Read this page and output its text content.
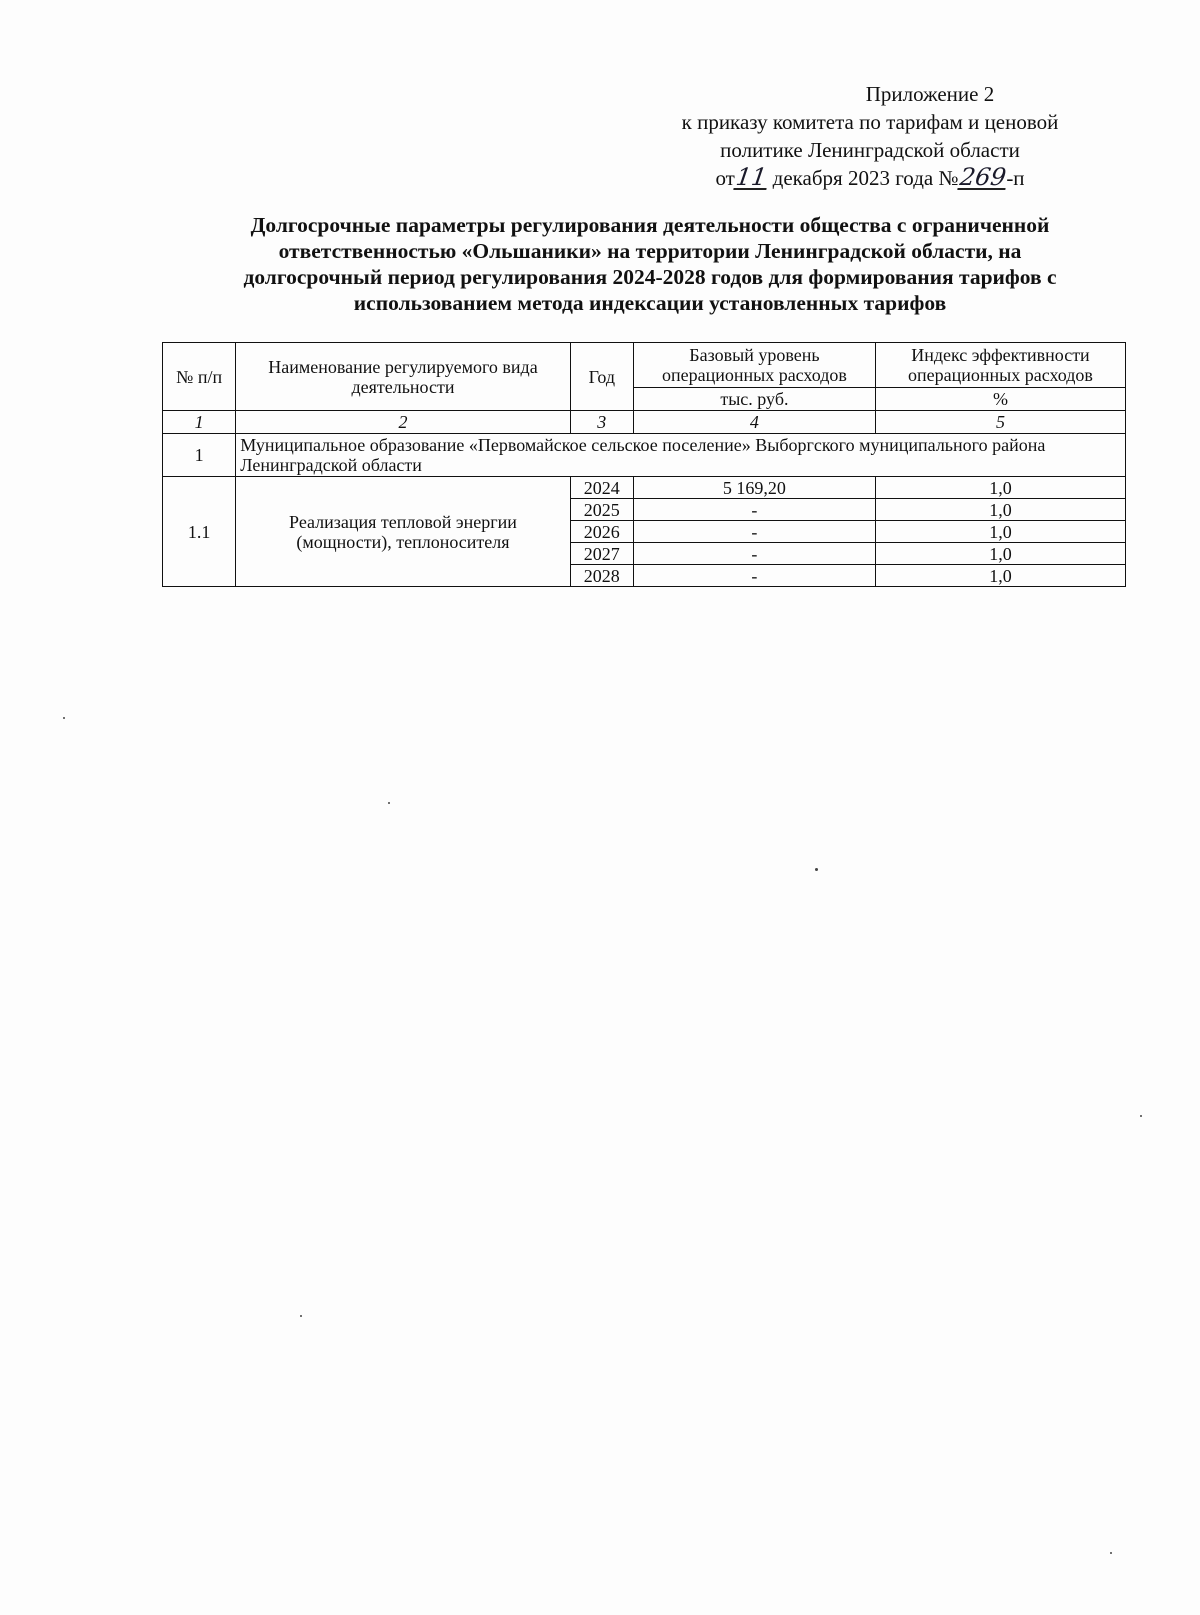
Приложение 2
к приказу комитета по тарифам и ценовой
политике Ленинградской области
от11 декабря 2023 года №269-п
Долгосрочные параметры регулирования деятельности общества с ограниченной
ответственностью «Ольшаники» на территории Ленинградской области, на
долгосрочный период регулирования 2024-2028 годов для формирования тарифов с
использованием метода индексации установленных тарифов
№ п/п	Наименование регулируемого вида деятельности	Год	Базовый уровень операционных расходов	Индекс эффективности операционных расходов
			тыс. руб.	%
1	2	3	4	5
1	Муниципальное образование «Первомайское сельское поселение» Выборгского муниципального района Ленинградской области			
1.1	Реализация тепловой энергии (мощности), теплоносителя	2024	5 169,20	1,0
		2025	-	1,0
		2026	-	1,0
		2027	-	1,0
		2028	-	1,0
